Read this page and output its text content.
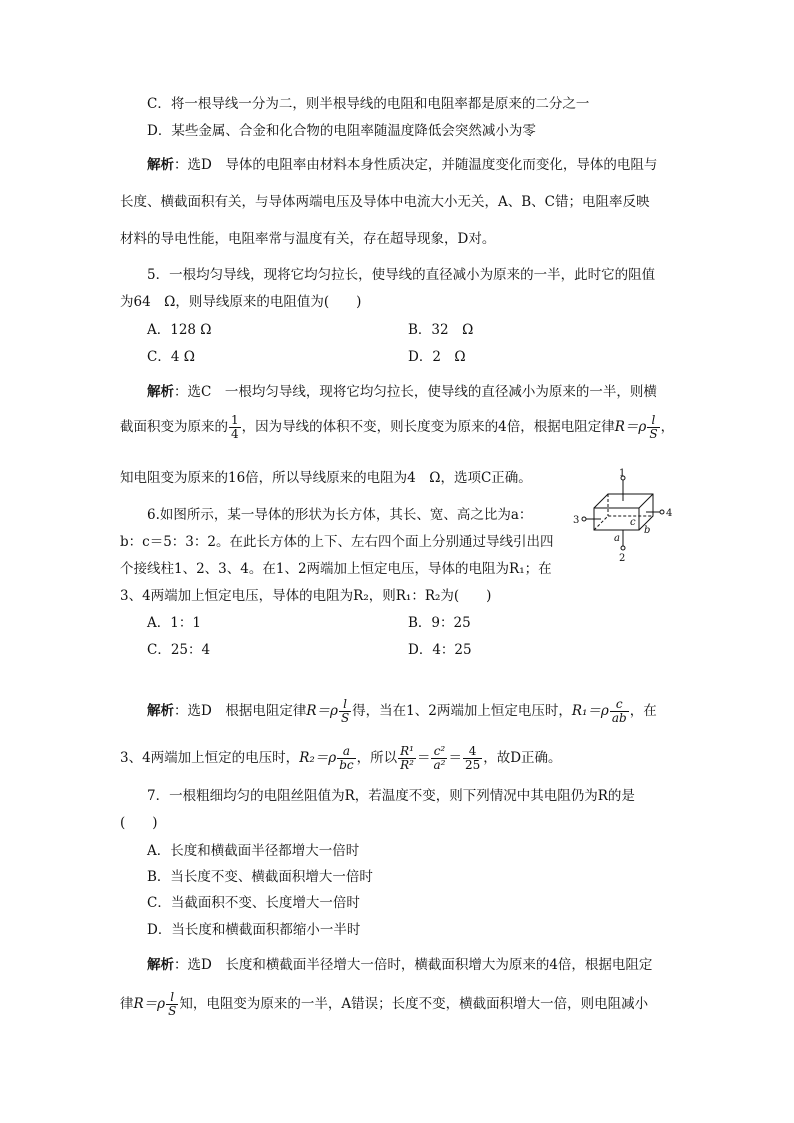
C．将一根导线一分为二，则半根导线的电阻和电阻率都是原来的二分之一
D．某些金属、合金和化合物的电阻率随温度降低会突然减小为零
解析：选D　导体的电阻率由材料本身性质决定，并随温度变化而变化，导体的电阻与
长度、横截面积有关，与导体两端电压及导体中电流大小无关，A、B、C错；电阻率反映
材料的导电性能，电阻率常与温度有关，存在超导现象，D对。
5．一根均匀导线，现将它均匀拉长，使导线的直径减小为原来的一半，此时它的阻值
为64　Ω，则导线原来的电阻值为(　　)
A．128 Ω	B．32　Ω
C．4 Ω	D．2　Ω
解析：选C　一根均匀导线，现将它均匀拉长，使导线的直径减小为原来的一半，则横
截面积变为原来的 $\frac{1}{4}$ ，因为导线的体积不变，则长度变为原来的4倍，根据电阻定律$R=\rho \frac{l}{S}$ ，
知电阻变为原来的16倍，所以导线原来的电阻为4　Ω，选项C正确。
6.如图所示，某一导体的形状为长方体，其长、宽、高之比为a：
b：c＝5：3：2。在此长方体的上下、左右四个面上分别通过导线引出四
个接线柱1、2、3、4。在1、2两端加上恒定电压，导体的电阻为R₁；在
3、4两端加上恒定电压，导体的电阻为R₂，则R₁：R₂为(　　)
1
2
3
4
a
b
c
A．1：1	B．9：25
C．25：4	D．4：25
解析：选D　根据电阻定律$R=\rho \frac{l}{S}$ 得，当在1、2两端加上恒定电压时，$R_1=\rho \frac{c}{ab}$ ，在
3、4两端加上恒定的电压时，$R_2=\rho \frac{a}{bc}$ ，所以 $\frac{\text{R¹}}{\text{R²}} = \frac{\text{c²}}{\text{a²}} = \frac{4}{25}$ ，故D正确。
7．一根粗细均匀的电阻丝阻值为R，若温度不变，则下列情况中其电阻仍为R的是
(　　)
A．长度和横截面半径都增大一倍时
B．当长度不变、横截面积增大一倍时
C．当截面积不变、长度增大一倍时
D．当长度和横截面积都缩小一半时
解析：选D　长度和横截面半径增大一倍时，横截面积增大为原来的4倍，根据电阻定
律$R=\rho \frac{l}{S}$ 知，电阻变为原来的一半，A错误；长度不变，横截面积增大一倍，则电阻减小
